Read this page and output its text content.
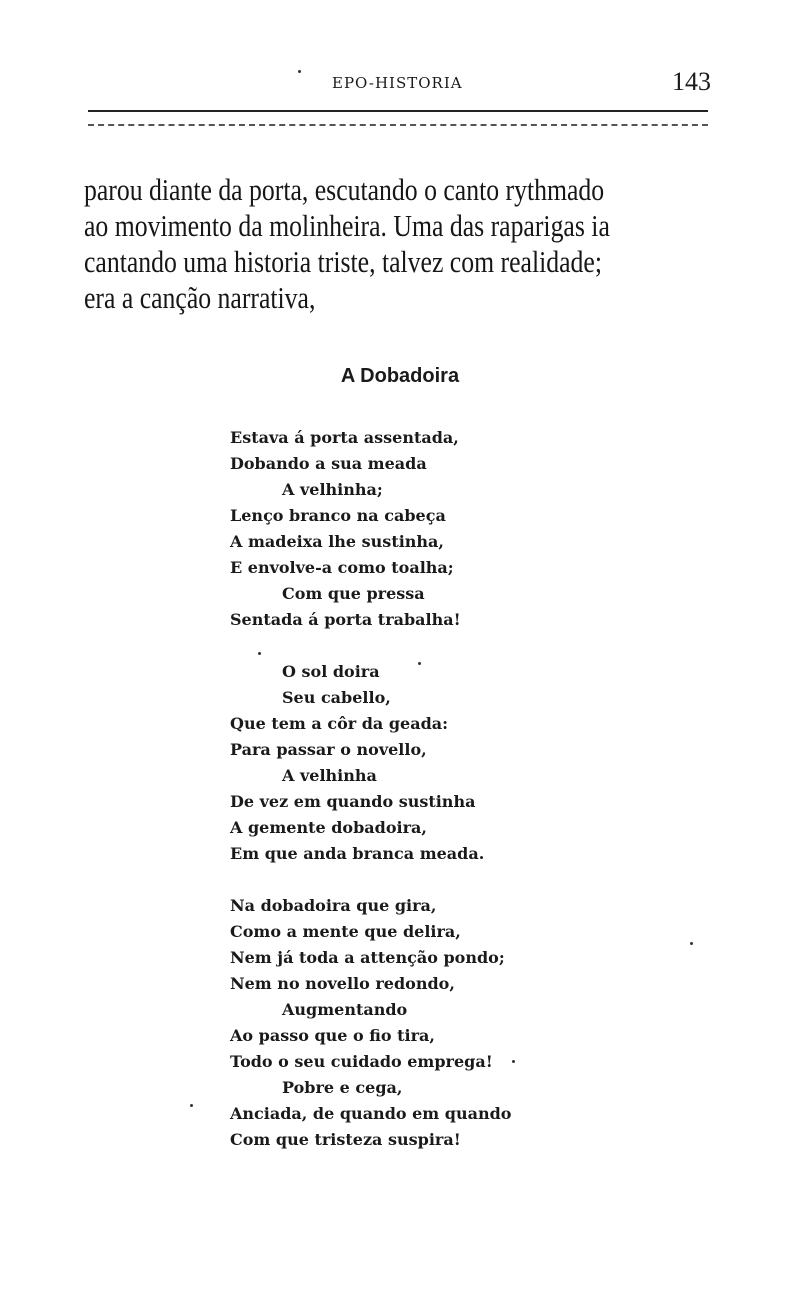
EPO-HISTORIA	143

parou diante da porta, escutando o canto rythmado
ao movimento da molinheira. Uma das raparigas ia
cantando uma historia triste, talvez com realidade;
era a canção narrativa,

A Dobadoira
Estava á porta assentada,
Dobando a sua meada
A velhinha;
Lenço branco na cabeça
A madeixa lhe sustinha,
E envolve-a como toalha;
Com que pressa
Sentada á porta trabalha!
O sol doira
Seu cabello,
Que tem a côr da geada:
Para passar o novello,
A velhinha
De vez em quando sustinha
A gemente dobadoira,
Em que anda branca meada.
Na dobadoira que gira,
Como a mente que delira,
Nem já toda a attenção pondo;
Nem no novello redondo,
Augmentando
Ao passo que o fio tira,
Todo o seu cuidado emprega!
Pobre e cega,
Anciada, de quando em quando
Com que tristeza suspira!
